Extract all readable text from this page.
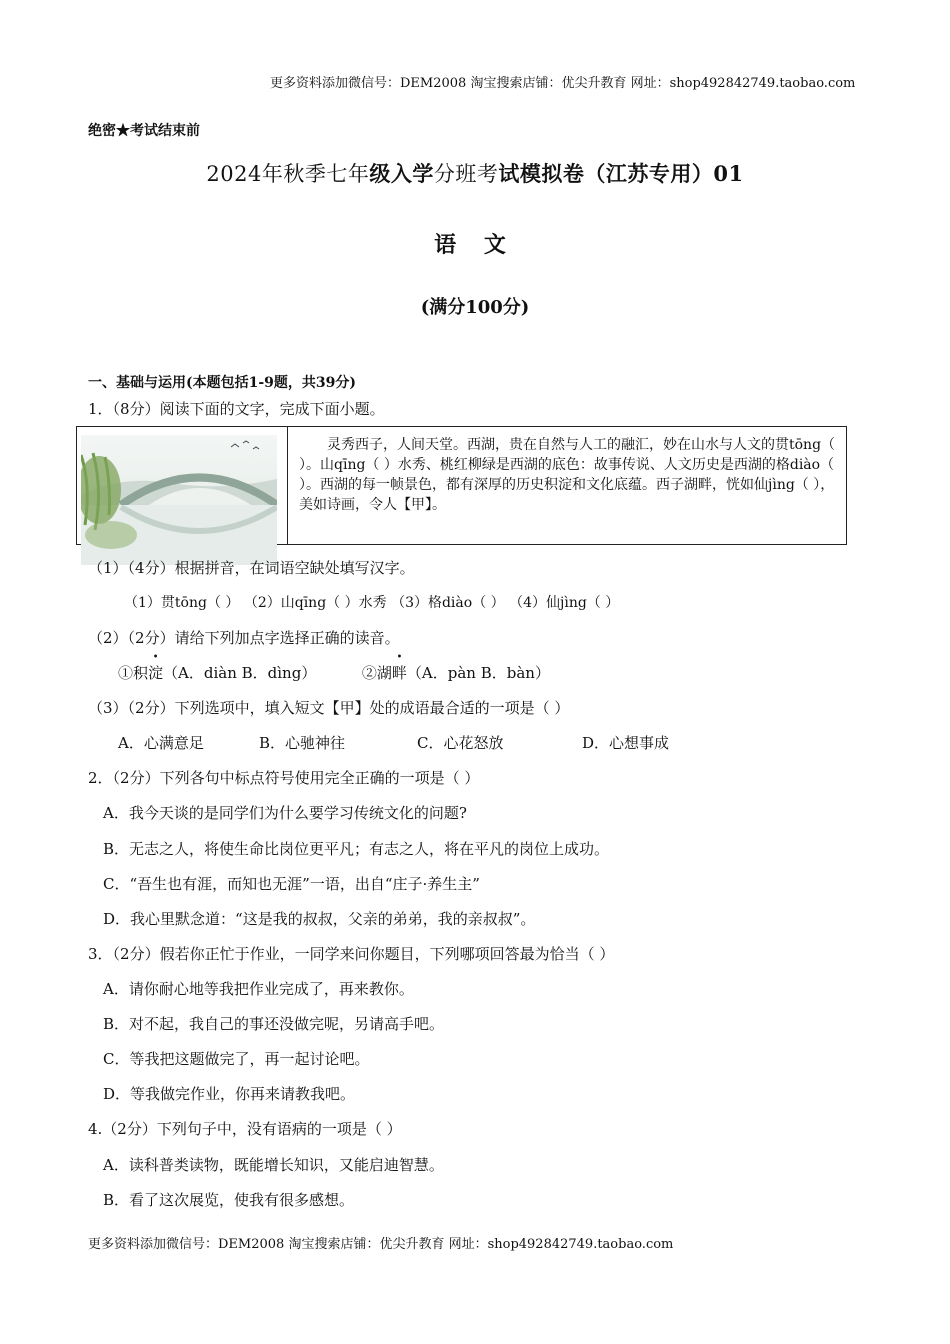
更多资料添加微信号：DEM2008 淘宝搜索店铺：优尖升教育 网址：shop492842749.taobao.com
绝密★考试结束前
2024年秋季七年级入学分班考试模拟卷（江苏专用）01
语 文
(满分100分)
一、基础与运用(本题包括1-9题，共39分)
1．（8分）阅读下面的文字，完成下面小题。
灵秀西子，人间天堂。西湖，贵在自然与人工的融汇，妙在山水与人文的贯tōng（ ）。山qīng（ ）水秀、桃红柳绿是西湖的底色：故事传说、人文历史是西湖的格diào（ ）。西湖的每一帧景色，都有深厚的历史积淀和文化底蕴。西子湖畔，恍如仙jìng（ ），美如诗画，令人【甲】。
（1）（4分）根据拼音，在词语空缺处填写汉字。
（1）贯tōng（ ） （2）山qīng（ ）水秀 （3）格diào（ ） （4）仙jìng（ ）
（2）（2分）请给下列加点字选择正确的读音。
①积淀（A．diàn B．dìng）	②湖畔（A．pàn B．bàn）
（3）（2分）下列选项中，填入短文【甲】处的成语最合适的一项是（ ）
A．心满意足	B．心驰神往	C．心花怒放	D．心想事成
2．（2分）下列各句中标点符号使用完全正确的一项是（ ）
A．我今天谈的是同学们为什么要学习传统文化的问题?
B．无志之人，将使生命比岗位更平凡；有志之人，将在平凡的岗位上成功。
C．“吾生也有涯，而知也无涯”一语，出自“庄子·养生主”
D．我心里默念道：“这是我的叔叔，父亲的弟弟，我的亲叔叔”。
3．（2分）假若你正忙于作业，一同学来问你题目，下列哪项回答最为恰当（ ）
A．请你耐心地等我把作业完成了，再来教你。
B．对不起，我自己的事还没做完呢，另请高手吧。
C．等我把这题做完了，再一起讨论吧。
D．等我做完作业，你再来请教我吧。
4.（2分）下列句子中，没有语病的一项是（ ）
A．读科普类读物，既能增长知识，又能启迪智慧。
B．看了这次展览，使我有很多感想。
更多资料添加微信号：DEM2008 淘宝搜索店铺：优尖升教育 网址：shop492842749.taobao.com
